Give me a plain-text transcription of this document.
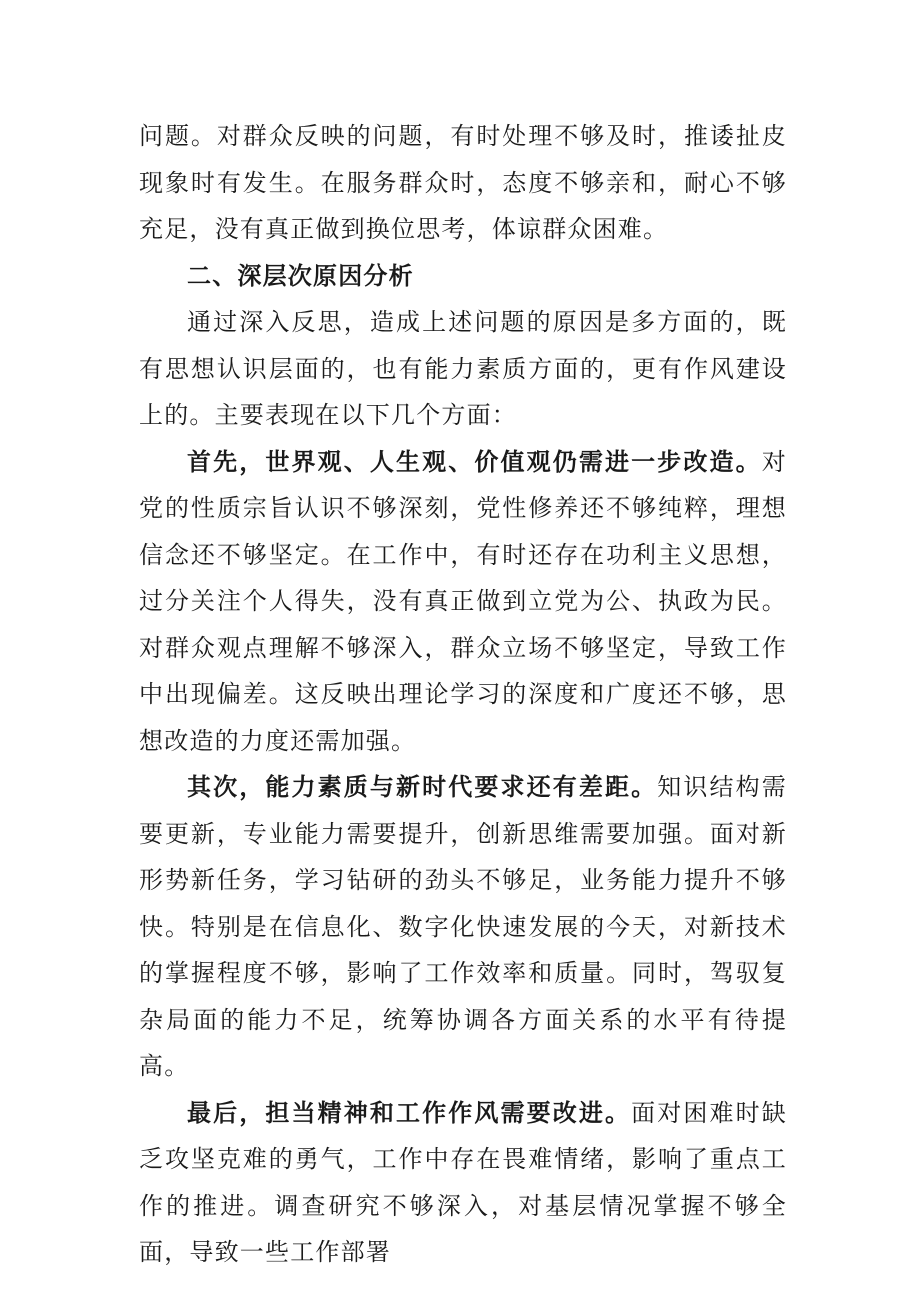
问题。对群众反映的问题，有时处理不够及时，推诿扯皮现象时有发生。在服务群众时，态度不够亲和，耐心不够充足，没有真正做到换位思考，体谅群众困难。

二、深层次原因分析

通过深入反思，造成上述问题的原因是多方面的，既有思想认识层面的，也有能力素质方面的，更有作风建设上的。主要表现在以下几个方面：

首先，世界观、人生观、价值观仍需进一步改造。对党的性质宗旨认识不够深刻，党性修养还不够纯粹，理想信念还不够坚定。在工作中，有时还存在功利主义思想，过分关注个人得失，没有真正做到立党为公、执政为民。对群众观点理解不够深入，群众立场不够坚定，导致工作中出现偏差。这反映出理论学习的深度和广度还不够，思想改造的力度还需加强。

其次，能力素质与新时代要求还有差距。知识结构需要更新，专业能力需要提升，创新思维需要加强。面对新形势新任务，学习钻研的劲头不够足，业务能力提升不够快。特别是在信息化、数字化快速发展的今天，对新技术的掌握程度不够，影响了工作效率和质量。同时，驾驭复杂局面的能力不足，统筹协调各方面关系的水平有待提高。

最后，担当精神和工作作风需要改进。面对困难时缺乏攻坚克难的勇气，工作中存在畏难情绪，影响了重点工作的推进。调查研究不够深入，对基层情况掌握不够全面，导致一些工作部署
